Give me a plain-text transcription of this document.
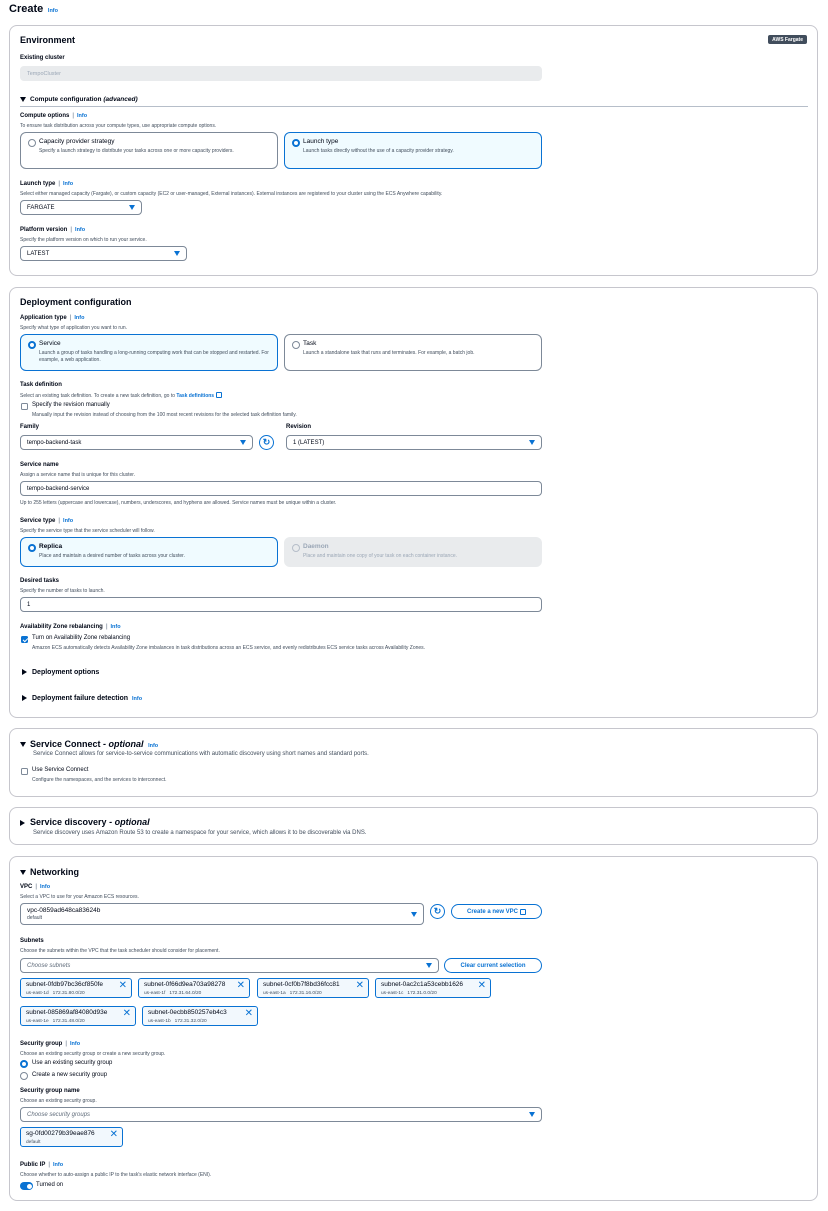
Create Info
Environment	AWS Fargate
Existing cluster
TempoCluster
Compute configuration (advanced)
Compute options | Info
To ensure task distribution across your compute types, use appropriate compute options.
Capacity provider strategy
Specify a launch strategy to distribute your tasks across one or more capacity providers.
Launch type
Launch tasks directly without the use of a capacity provider strategy.
Launch type | Info
Select either managed capacity (Fargate), or custom capacity (EC2 or user-managed, External instances). External instances are registered to your cluster using the ECS Anywhere capability.
FARGATE
Platform version | Info
Specify the platform version on which to run your service.
LATEST
Deployment configuration
Application type | Info
Specify what type of application you want to run.
Service
Launch a group of tasks handling a long-running computing work that can be stopped and restarted. For example, a web application.
Task
Launch a standalone task that runs and terminates. For example, a batch job.
Task definition
Select an existing task definition. To create a new task definition, go to Task definitions
Specify the revision manually
Manually input the revision instead of choosing from the 100 most recent revisions for the selected task definition family.
Family
tempo-backend-task	↻
Revision
1 (LATEST)
Service name
Assign a service name that is unique for this cluster.
tempo-backend-service
Up to 255 letters (uppercase and lowercase), numbers, underscores, and hyphens are allowed. Service names must be unique within a cluster.
Service type | Info
Specify the service type that the service scheduler will follow.
Replica
Place and maintain a desired number of tasks across your cluster.
Daemon
Place and maintain one copy of your task on each container instance.
Desired tasks
Specify the number of tasks to launch.
1
Availability Zone rebalancing | Info
Turn on Availability Zone rebalancing
Amazon ECS automatically detects Availability Zone imbalances in task distributions across an ECS service, and evenly redistributes ECS service tasks across Availability Zones.
Deployment options
Deployment failure detection Info
Service Connect - optional Info
Service Connect allows for service-to-service communications with automatic discovery using short names and standard ports.
Use Service Connect
Configure the namespaces, and the services to interconnect.
Service discovery - optional
Service discovery uses Amazon Route 53 to create a namespace for your service, which allows it to be discoverable via DNS.
Networking
VPC | Info
Select a VPC to use for your Amazon ECS resources.
vpc-0859ad648ca83624b
default
↻	Create a new VPC
Subnets
Choose the subnets within the VPC that the task scheduler should consider for placement.
Choose subnets	Clear current selection
subnet-0fdb97bc36cf850fe
us-east-1d 172.31.80.0/20
✕	subnet-0f66d9ea703a98278
us-east-1f 172.31.64.0/20
✕	subnet-0cf0b7f8bd36fcc81
us-east-1a 172.31.16.0/20
✕	subnet-0ac2c1a53cebb1626
us-east-1c 172.31.0.0/20
✕
subnet-085869af84080d93e
us-east-1e 172.31.48.0/20
✕	subnet-0ecbb850257eb4c3
us-east-1b 172.31.32.0/20
✕
Security group | Info
Choose an existing security group or create a new security group.
Use an existing security group
Create a new security group
Security group name
Choose an existing security group.
Choose security groups
sg-0fd00279b39eae876
default
✕
Public IP | Info
Choose whether to auto-assign a public IP to the task's elastic network interface (ENI).
Turned on
